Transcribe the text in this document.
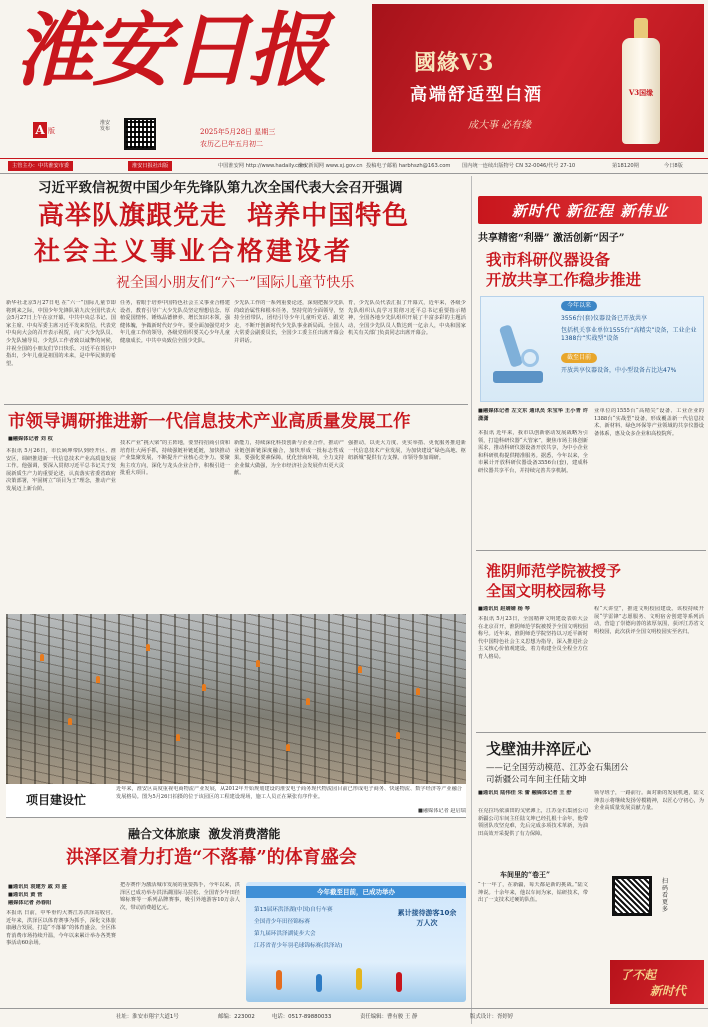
淮安日报
A 版
淮安发布	2025年5月28日 星期三
农历乙巳年五月初二
國緣V3
高端舒适型白酒
成大事 必有缘
V3国缘
主管主办：中共淮安市委	淮安日报社出版	中国淮安网 http://www.hadaily.com
淮安新闻网 www.xj.gov.cn 投稿电子邮箱 harbhszh@163.com 国内统一连续出版物号 CN 32-0046/代号 27-10	第18120期	今日8版
习近平致信祝贺中国少年先锋队第九次全国代表大会召开强调
高举队旗跟党走  培养中国特色
社会主义事业合格建设者
祝全国小朋友们“六一”国际儿童节快乐
新华社北京5月27日电 在“六一”国际儿童节即将到来之际，中国少年先锋队第九次全国代表大会5月27日上午在京开幕。中共中央总书记、国家主席、中央军委主席习近平发来贺信，代表党中央向大会的召开表示祝贺，向广大少先队员、少先队辅导员、少先队工作者致以诚挚的问候，并祝全国的小朋友们节日快乐。习近平在贺信中指出，少年儿童是祖国的未来，是中华民族的希望。
任务，着眼于培养中国特色社会主义事业合格建设者，教育引导广大少先队员坚定理想信念、厚植爱国情怀、锤炼品德修养、增长知识本领、强健体魄，争做新时代好少年。要全面加强党对少年儿童工作的领导，各级党组织要关心少年儿童健康成长。中共中央致信全国少先队。
少先队工作的一系列重要论述，深刻把握少先队的政治属性和根本任务，坚持党的全面领导，坚持全团带队，团结引导少年儿童听党话、跟党走，不断开创新时代少先队事业新局面。全国人大常委会副委员长，全国少工委主任出席开幕会并讲话。
育，少先队员代表汇报了开幕式，近年来，各级少先队组织认真学习贯彻习近平总书记重要指示精神，全国各地少先队组织开展了丰富多彩的主题活动，全国少先队员人数达到一亿余人，中央和国家机关有关部门负责同志出席开幕会。
新时代 新征程 新伟业
共享精密“利器” 激活创新“因子”
我市科研仪器设备
开放共享工作稳步推进
今年以来
3556台(套)仪器设备已开放共享
包括机关事业单位1555台“高精尖”设备，工业企业1388台“实战型”设备
截至目前
开放共享仪器设备，中小型设备占比达47%
■融媒体记者 左文东 通讯员 朱宝华 王小青 许潇潇
本报讯 近年来，我市以创新驱动发展战略为引领，打造科研仪器“大管家”，聚焦市场主体创新需求，推动科研仪器设备开放共享，为中小企业和科研机构提供精准服务。据悉，今年以来，全市累计开放科研仪器设备3556台(套)，建成科研仪器共享平台，并持续完善共享机制。
业单位的1555台“高精尖”设备、工业企业的1388台“实战型”设备，形成覆盖新一代信息技术、新材料、绿色环保等产业领域的共享仪器设备体系，惠及众多企业和高校院所。
市领导调研推进新一代信息技术产业高质量发展工作
■融媒体记者 刘 权
本报讯 5月26日，市长顾坤带队到经开区、淮安区，调研推进新一代信息技术产业高质量发展工作。他强调，要深入贯彻习近平总书记关于发展新质生产力的重要论述，认真落实省委省政府决策部署，牢固树立“项目为王”理念，推动产业发展迈上新台阶。
技术产业“挑大梁”的主阵地，要坚持招商引资和培育壮大两手抓，持续强链补链延链，加快推动产业集聚发展，不断提升产业核心竞争力。要聚焦主攻方向，深化与龙头企业合作，积极引进一批重大项目。
新能力，持续深化科技创新与企业合作，推动产业链创新链深度融合，加快形成一批标志性成果。要强化要素保障，优化营商环境，全力支持企业做大做强，为全市经济社会发展作出更大贡献。
强推动，以更大力度、更实举措、更优服务推进新一代信息技术产业发展，为加快建设“绿色高地、枢纽新城”提供有力支撑。市领导参加调研。
项目建设忙
近年来，淮安区高度重视电商物流产业发展，从2012年开始规划建设的淮安电子商务现代物流园目前已形成电子商务、快递物流、数字经济等产业融合发展格局。图为5月26日拍摄的位于该园区的工程建设现场，施工人员正在紧张有序作业。
■融媒体记者 赵启瑞
淮阴师范学院被授予
全国文明校园称号
■通讯员 赵婧婧 杨 琴
本报讯 5月23日，全国精神文明建设表彰大会在北京召开，淮阴师范学院被授予全国文明校园称号。近年来，淮阴师范学院坚持以习近平新时代中国特色社会主义思想为指导，深入推进社会主义核心价值观建设，着力构建全员全程全方位育人格局。
程“大讲堂”，推进文明校园建设。该校持续开展“学雷锋”志愿服务、文明宿舍创建等系列活动，营造了崇德向善的浓厚氛围，获评江苏省文明校园，此次获评全国文明校园实至名归。
戈壁油井淬匠心
——记全国劳动模范、江苏金石集团公
司新疆公司车间主任陆文坤
■通讯员 陆伟佳 朱 蕾 融媒体记者 王 舒
在克拉玛依油田的戈壁滩上，江苏金石集团公司新疆公司车间主任陆文坤已经扎根十余年。他带领团队攻坚克难，先后完成多项技术革新，为油田高效开采提供了有力保障。
车间里的“卷王”
“十一年了，在新疆，每天都是新的挑战。”陆文坤说。十余年来，他以车间为家，钻研技术，带出了一支技术过硬的队伍。
领导班子，一路前行。面对新的发展机遇，陆文坤表示将继续发扬劳模精神，以匠心守初心，为企业高质量发展贡献力量。
扫码看更多
了不起
新时代
融合文体旅康  激发消费潜能
洪泽区着力打造“不落幕”的体育盛会
■通讯员 袁建芳 戚 刘 盛
■通讯员 黄 营
融媒体记者 孙春阳
本报讯 日前，中华垂钓大赛江苏洪泽站收官。近年来，洪泽区以体育赛事为抓手，深化文体旅康融合发展，打造“不落幕”的体育盛会，全区体育消费市场持续升温，今年以来累计举办各类赛事活动60余场。
把办赛作为激活城市发展的重要抓手，今年以来，洪泽区已成功举办洪泽湖国际马拉松、全国青少年田径锦标赛等一系列品牌赛事，吸引外地游客10万余人次，带动消费超亿元。
今年截至目前，已成功举办
第13届环洪泽湖(中国)自行车赛
全国青少年田径锦标赛
第九届环洪泽湖徒步大会
江苏省青少年羽毛球锦标赛(洪泽站)
累计接待游客10余万人次
社址：淮安市翔宇大道1号	邮编：223002	电话：0517-89880033	责任编辑：曹有骏 王 静	版式设计：胥婷婷
